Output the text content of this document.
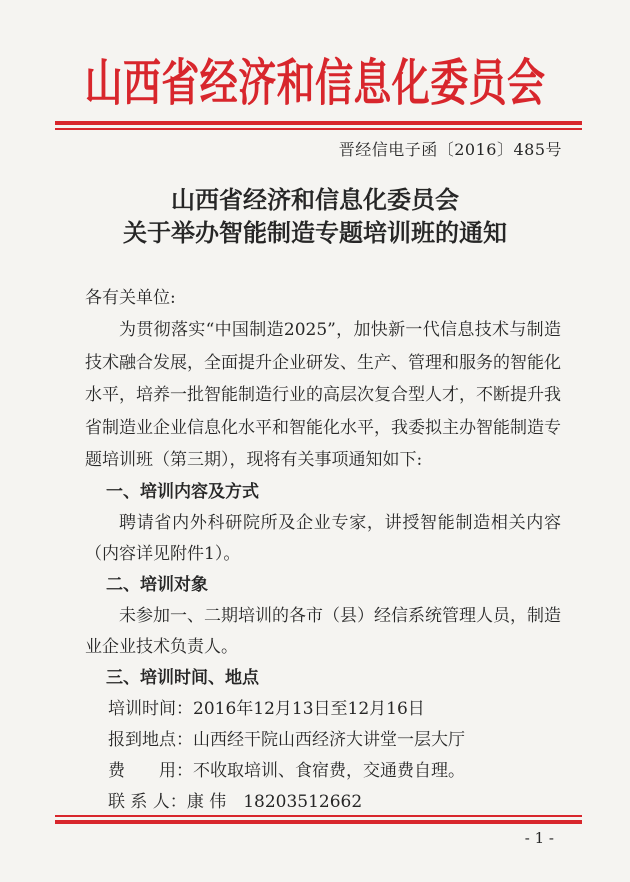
山西省经济和信息化委员会
晋经信电子函〔2016〕485号
山西省经济和信息化委员会
关于举办智能制造专题培训班的通知

各有关单位:

为贯彻落实“中国制造2025”，加快新一代信息技术与制造技术融合发展，全面提升企业研发、生产、管理和服务的智能化水平，培养一批智能制造行业的高层次复合型人才，不断提升我省制造业企业信息化水平和智能化水平，我委拟主办智能制造专题培训班（第三期），现将有关事项通知如下:

一、培训内容及方式

聘请省内外科研院所及企业专家，讲授智能制造相关内容（内容详见附件1）。

二、培训对象

未参加一、二期培训的各市（县）经信系统管理人员，制造业企业技术负责人。

三、培训时间、地点
培训时间：2016年12月13日至12月16日
报到地点：山西经干院山西经济大讲堂一层大厅
费　　用：不收取培训、食宿费，交通费自理。
联 系 人：康 伟　18203512662
- 1 -
